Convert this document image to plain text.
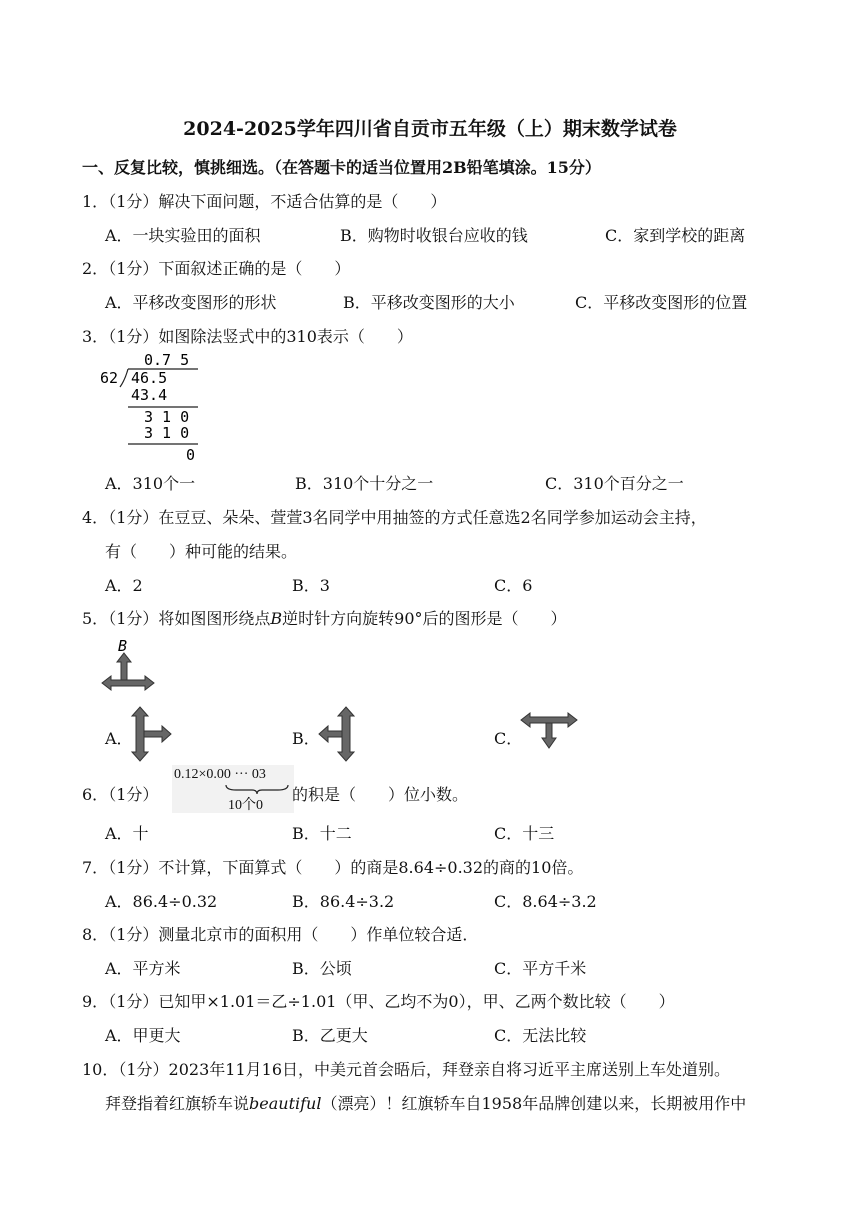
2024-2025学年四川省自贡市五年级（上）期末数学试卷
一、反复比较，慎挑细选。（在答题卡的适当位置用2B铅笔填涂。15分）
1．（1分）解决下面问题，不适合估算的是（　　）
A．一块实验田的面积	B．购物时收银台应收的钱	C．家到学校的距离
2．（1分）下面叙述正确的是（　　）
A．平移改变图形的形状	B．平移改变图形的大小	C．平移改变图形的位置
3．（1分）如图除法竖式中的310表示（　　）
0.7 5
62 46.5
43.4
3 1 0
3 1 0
0
A．310个一	B．310个十分之一	C．310个百分之一
4．（1分）在豆豆、朵朵、萱萱3名同学中用抽签的方式任意选2名同学参加运动会主持，
有（　　）种可能的结果。
A．2	B．3	C．6
5．（1分）将如图图形绕点B逆时针方向旋转90°后的图形是（　　）
B
A．	B．	C．
6．（1分）
0.12×0.00 ··· 03
10个0
的积是（　　）位小数。
A．十	B．十二	C．十三
7．（1分）不计算，下面算式（　　）的商是8.64÷0.32的商的10倍。
A．86.4÷0.32	B．86.4÷3.2	C．8.64÷3.2
8．（1分）测量北京市的面积用（　　）作单位较合适．
A．平方米	B．公顷	C．平方千米
9．（1分）已知甲×1.01＝乙÷1.01（甲、乙均不为0），甲、乙两个数比较（　　）
A．甲更大	B．乙更大	C．无法比较
10．（1分）2023年11月16日，中美元首会晤后，拜登亲自将习近平主席送别上车处道别。
拜登指着红旗轿车说beautiful（漂亮）！红旗轿车自1958年品牌创建以来，长期被用作中
